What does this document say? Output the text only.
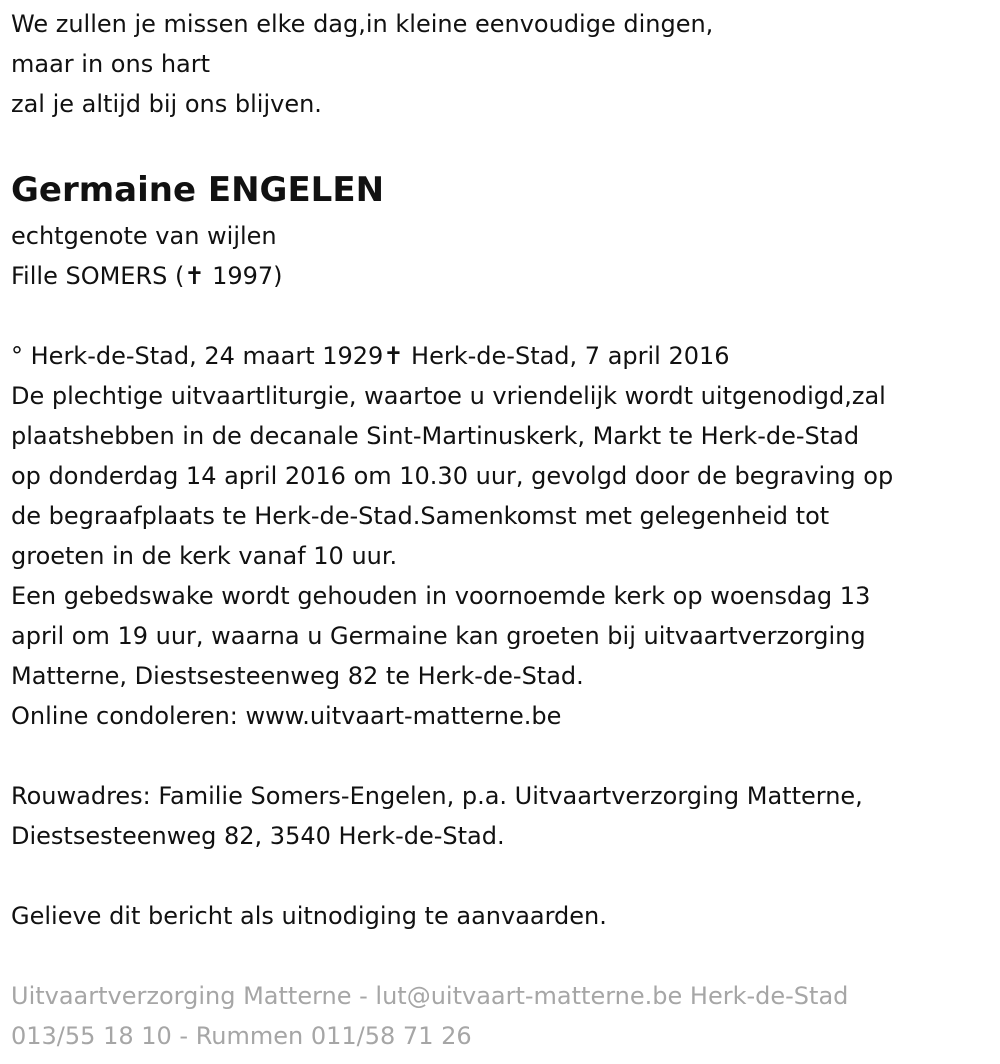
We zullen je missen elke dag,in kleine eenvoudige dingen,
maar in ons hart
zal je altijd bij ons blijven.
Germaine ENGELEN
echtgenote van wijlen
Fille SOMERS (✝ 1997)
° Herk-de-Stad, 24 maart 1929✝ Herk-de-Stad, 7 april 2016
De plechtige uitvaartliturgie, waartoe u vriendelijk wordt uitgenodigd,zal
plaatshebben in de decanale Sint-Martinuskerk, Markt te Herk-de-Stad
op donderdag 14 april 2016 om 10.30 uur, gevolgd door de begraving op
de begraafplaats te Herk-de-Stad.Samenkomst met gelegenheid tot
groeten in de kerk vanaf 10 uur.
Een gebedswake wordt gehouden in voornoemde kerk op woensdag 13
april om 19 uur, waarna u Germaine kan groeten bij uitvaartverzorging
Matterne, Diestsesteenweg 82 te Herk-de-Stad.
Online condoleren: www.uitvaart-matterne.be
Rouwadres: Familie Somers-Engelen, p.a. Uitvaartverzorging Matterne,
Diestsesteenweg 82, 3540 Herk-de-Stad.
Gelieve dit bericht als uitnodiging te aanvaarden.
Uitvaartverzorging Matterne - lut@uitvaart-matterne.be Herk-de-Stad
013/55 18 10 - Rummen 011/58 71 26
